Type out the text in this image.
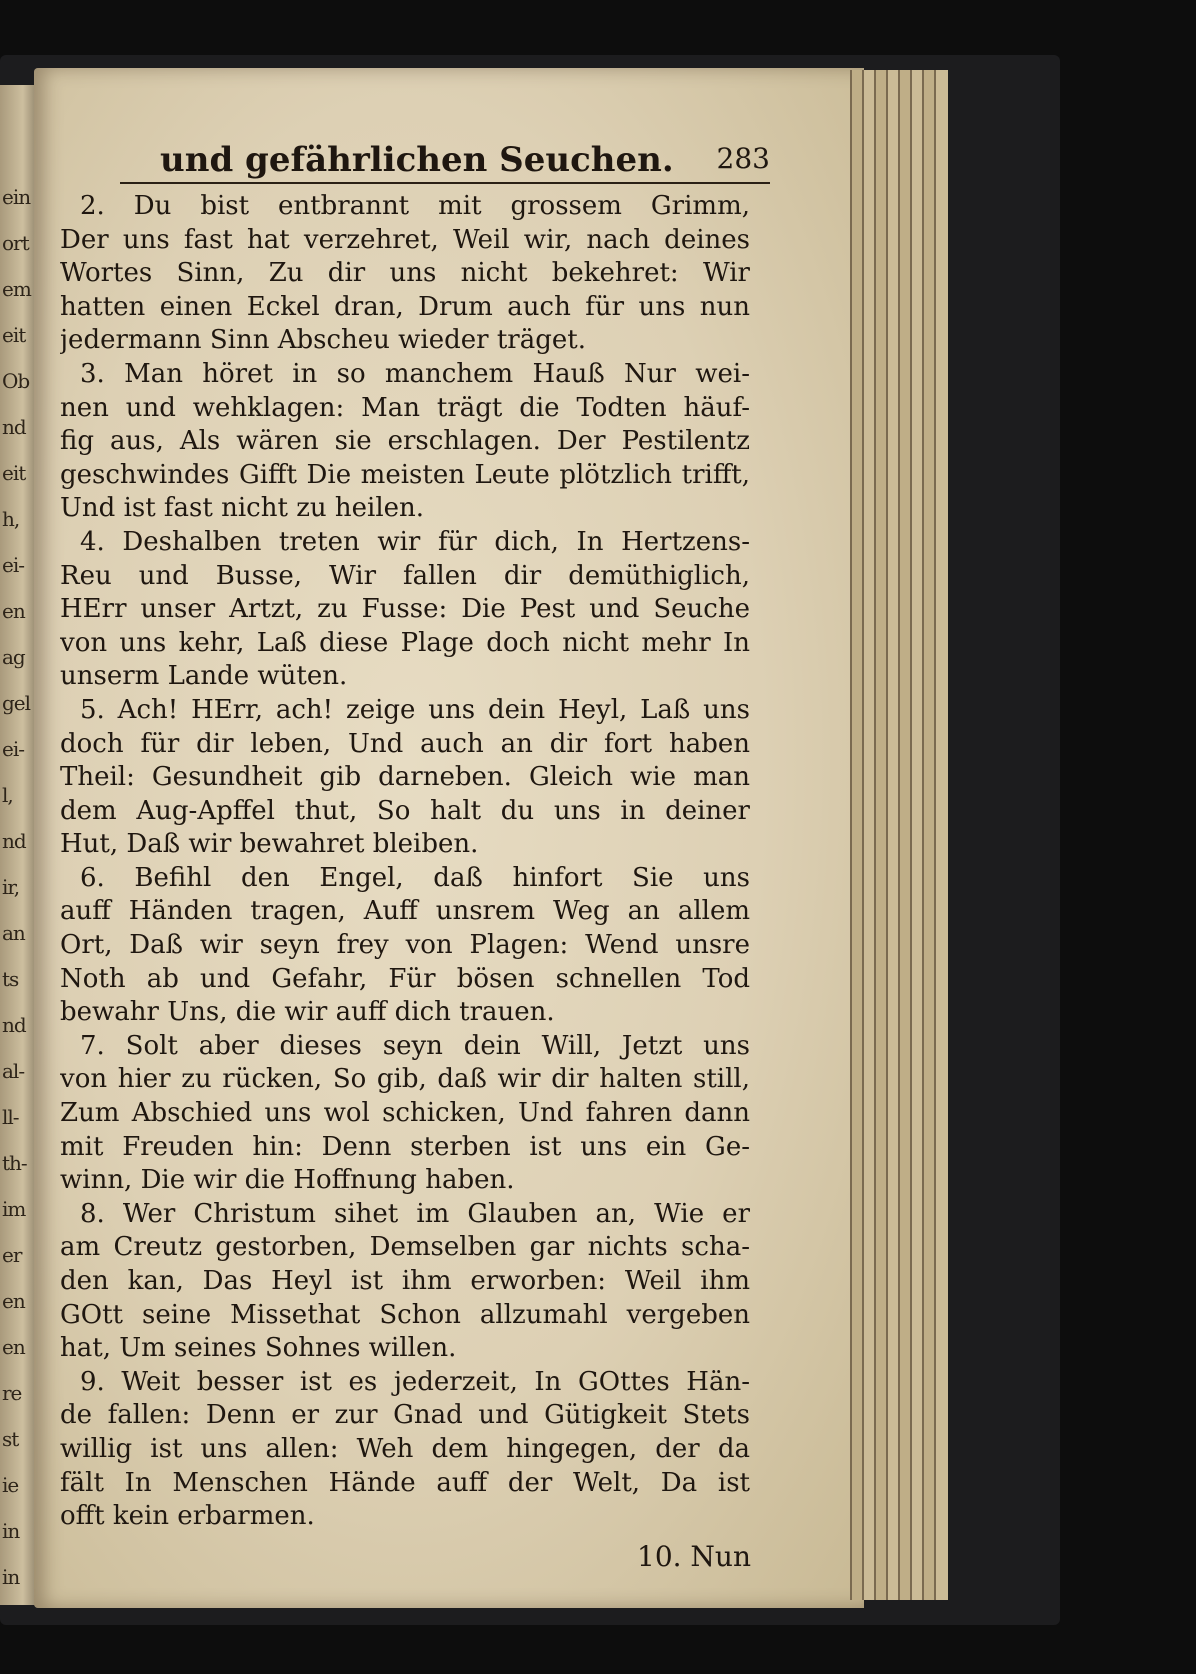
ein
ort
em
eit
Ob
nd
eit
h,
ei-
en
ag
gel
ei-
l,
nd
ir,
an
ts
nd
al-
ll-
th-
im
er
en
en
re
st
ie
in
in
und gefährlichen Seuchen. 283
2. Du bist entbrannt mit grossem Grimm,
Der uns fast hat verzehret, Weil wir, nach deines
Wortes Sinn, Zu dir uns nicht bekehret: Wir
hatten einen Eckel dran, Drum auch für uns nun
jedermann Sinn Abscheu wieder träget.
3. Man höret in so manchem Hauß Nur wei-
nen und wehklagen: Man trägt die Todten häuf-
fig aus, Als wären sie erschlagen. Der Pestilentz
geschwindes Gifft Die meisten Leute plötzlich trifft,
Und ist fast nicht zu heilen.
4. Deshalben treten wir für dich, In Hertzens-
Reu und Busse, Wir fallen dir demüthiglich,
HErr unser Artzt, zu Fusse: Die Pest und Seuche
von uns kehr, Laß diese Plage doch nicht mehr In
unserm Lande wüten.
5. Ach! HErr, ach! zeige uns dein Heyl, Laß uns
doch für dir leben, Und auch an dir fort haben
Theil: Gesundheit gib darneben. Gleich wie man
dem Aug-Apffel thut, So halt du uns in deiner
Hut, Daß wir bewahret bleiben.
6. Befihl den Engel, daß hinfort Sie uns
auff Händen tragen, Auff unsrem Weg an allem
Ort, Daß wir seyn frey von Plagen: Wend unsre
Noth ab und Gefahr, Für bösen schnellen Tod
bewahr Uns, die wir auff dich trauen.
7. Solt aber dieses seyn dein Will, Jetzt uns
von hier zu rücken, So gib, daß wir dir halten still,
Zum Abschied uns wol schicken, Und fahren dann
mit Freuden hin: Denn sterben ist uns ein Ge-
winn, Die wir die Hoffnung haben.
8. Wer Christum sihet im Glauben an, Wie er
am Creutz gestorben, Demselben gar nichts scha-
den kan, Das Heyl ist ihm erworben: Weil ihm
GOtt seine Missethat Schon allzumahl vergeben
hat, Um seines Sohnes willen.
9. Weit besser ist es jederzeit, In GOttes Hän-
de fallen: Denn er zur Gnad und Gütigkeit Stets
willig ist uns allen: Weh dem hingegen, der da
fält In Menschen Hände auff der Welt, Da ist
offt kein erbarmen.
10. Nun
